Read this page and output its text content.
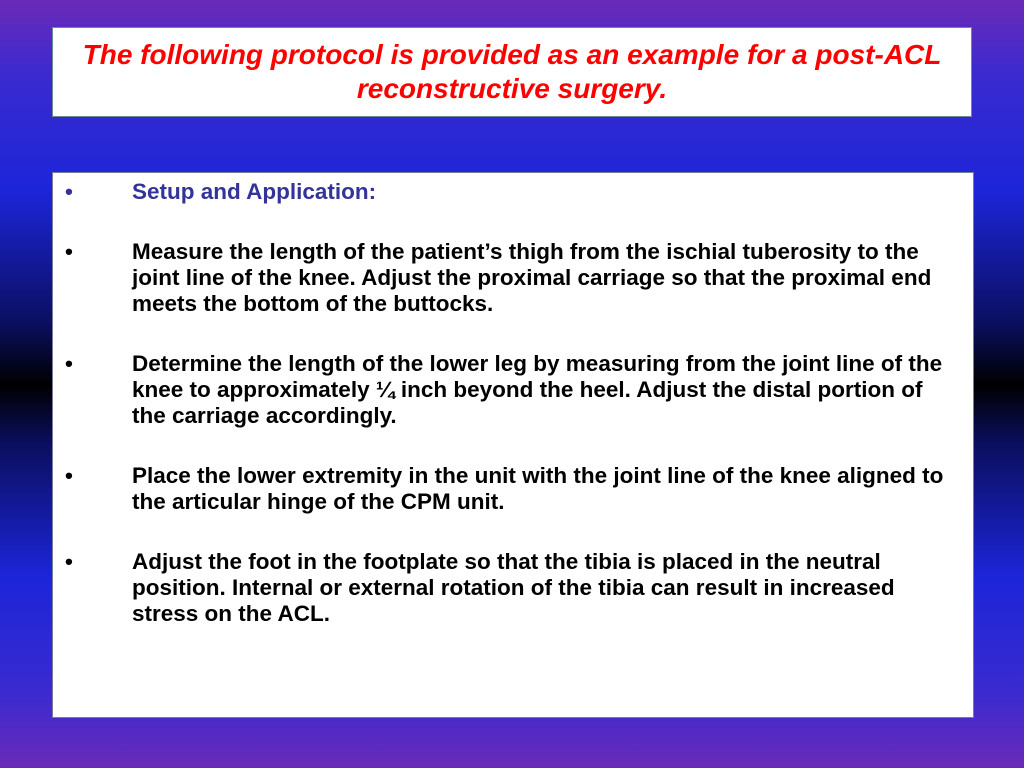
The following protocol is provided as an example for a post-ACL reconstructive surgery.
•	Setup and Application:
•	Measure the length of the patient’s thigh from the ischial tuberosity to the joint line of the knee. Adjust the proximal carriage so that the proximal end meets the bottom of the buttocks.
•	Determine the length of the lower leg by measuring from the joint line of the knee to approximately ¼ inch beyond the heel. Adjust the distal portion of the carriage accordingly.
•	Place the lower extremity in the unit with the joint line of the knee aligned to the articular hinge of the CPM unit.
•	Adjust the foot in the footplate so that the tibia is placed in the neutral position. Internal or external rotation of the tibia can result in increased stress on the ACL.
